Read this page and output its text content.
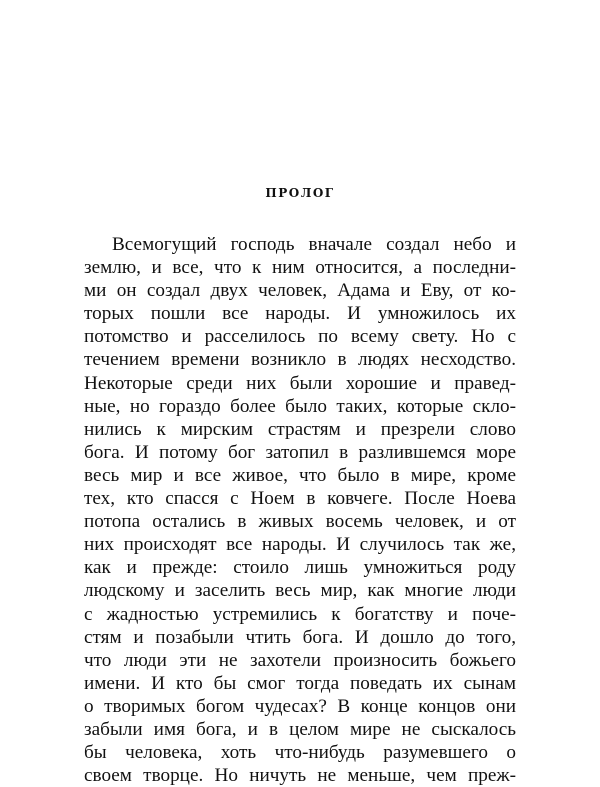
ПРОЛОГ
Всемогущий господь вначале создал небо и
землю, и все, что к ним относится, а последни-
ми он создал двух человек, Адама и Еву, от ко-
торых пошли все народы. И умножилось их
потомство и расселилось по всему свету. Но с
течением времени возникло в людях несходство.
Некоторые среди них были хорошие и правед-
ные, но гораздо более было таких, которые скло-
нились к мирским страстям и презрели слово
бога. И потому бог затопил в разлившемся море
весь мир и все живое, что было в мире, кроме
тех, кто спасся с Ноем в ковчеге. После Ноева
потопа остались в живых восемь человек, и от
них происходят все народы. И случилось так же,
как и прежде: стоило лишь умножиться роду
людскому и заселить весь мир, как многие люди
с жадностью устремились к богатству и поче-
стям и позабыли чтить бога. И дошло до того,
что люди эти не захотели произносить божьего
имени. И кто бы смог тогда поведать их сынам
о творимых богом чудесах? В конце концов они
забыли имя бога, и в целом мире не сыскалось
бы человека, хоть что-нибудь разумевшего о
своем творце. Но ничуть не меньше, чем преж-
